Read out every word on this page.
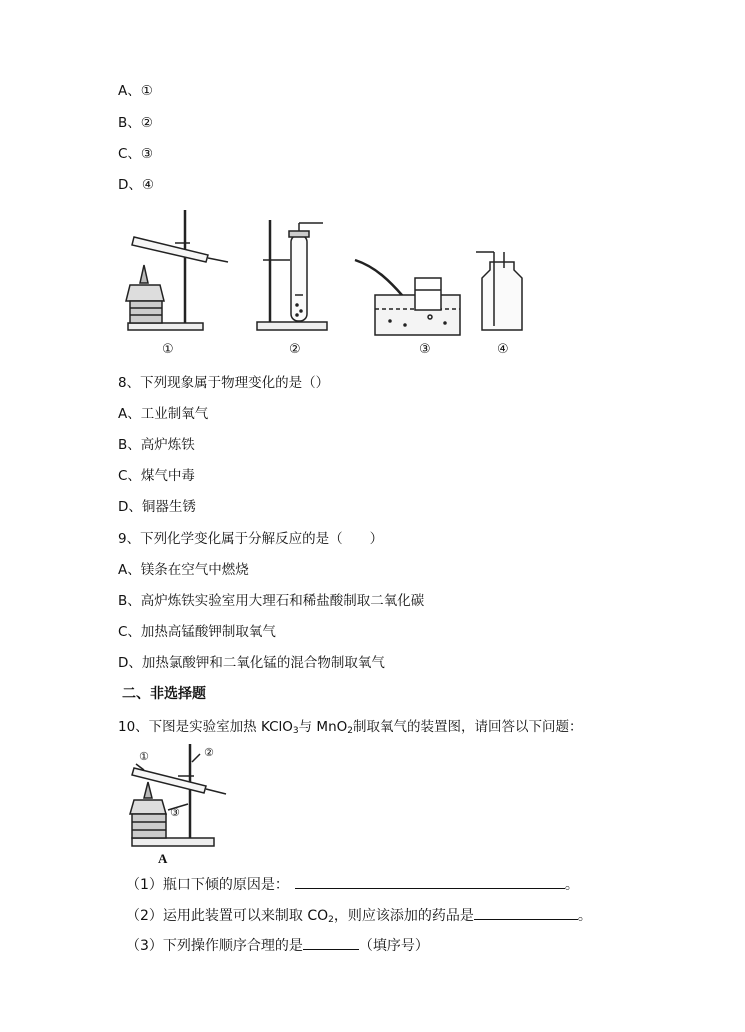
A、①
B、②
C、③
D、④
①	②	③	④
8、下列现象属于物理变化的是（）
A、工业制氧气
B、高炉炼铁
C、煤气中毒
D、铜器生锈
9、下列化学变化属于分解反应的是（　　）
A、镁条在空气中燃烧
B、高炉炼铁实验室用大理石和稀盐酸制取二氧化碳
C、加热高锰酸钾制取氧气
D、加热氯酸钾和二氧化锰的混合物制取氧气
二、非选择题
10、下图是实验室加热 KClO$_3$与 MnO$_2$制取氧气的装置图，请回答以下问题：
①	②
③
A
（1）瓶口下倾的原因是：	。
（2）运用此装置可以来制取 $CO_2$，则应该添加的药品是	。
（3）下列操作顺序合理的是	（填序号）
